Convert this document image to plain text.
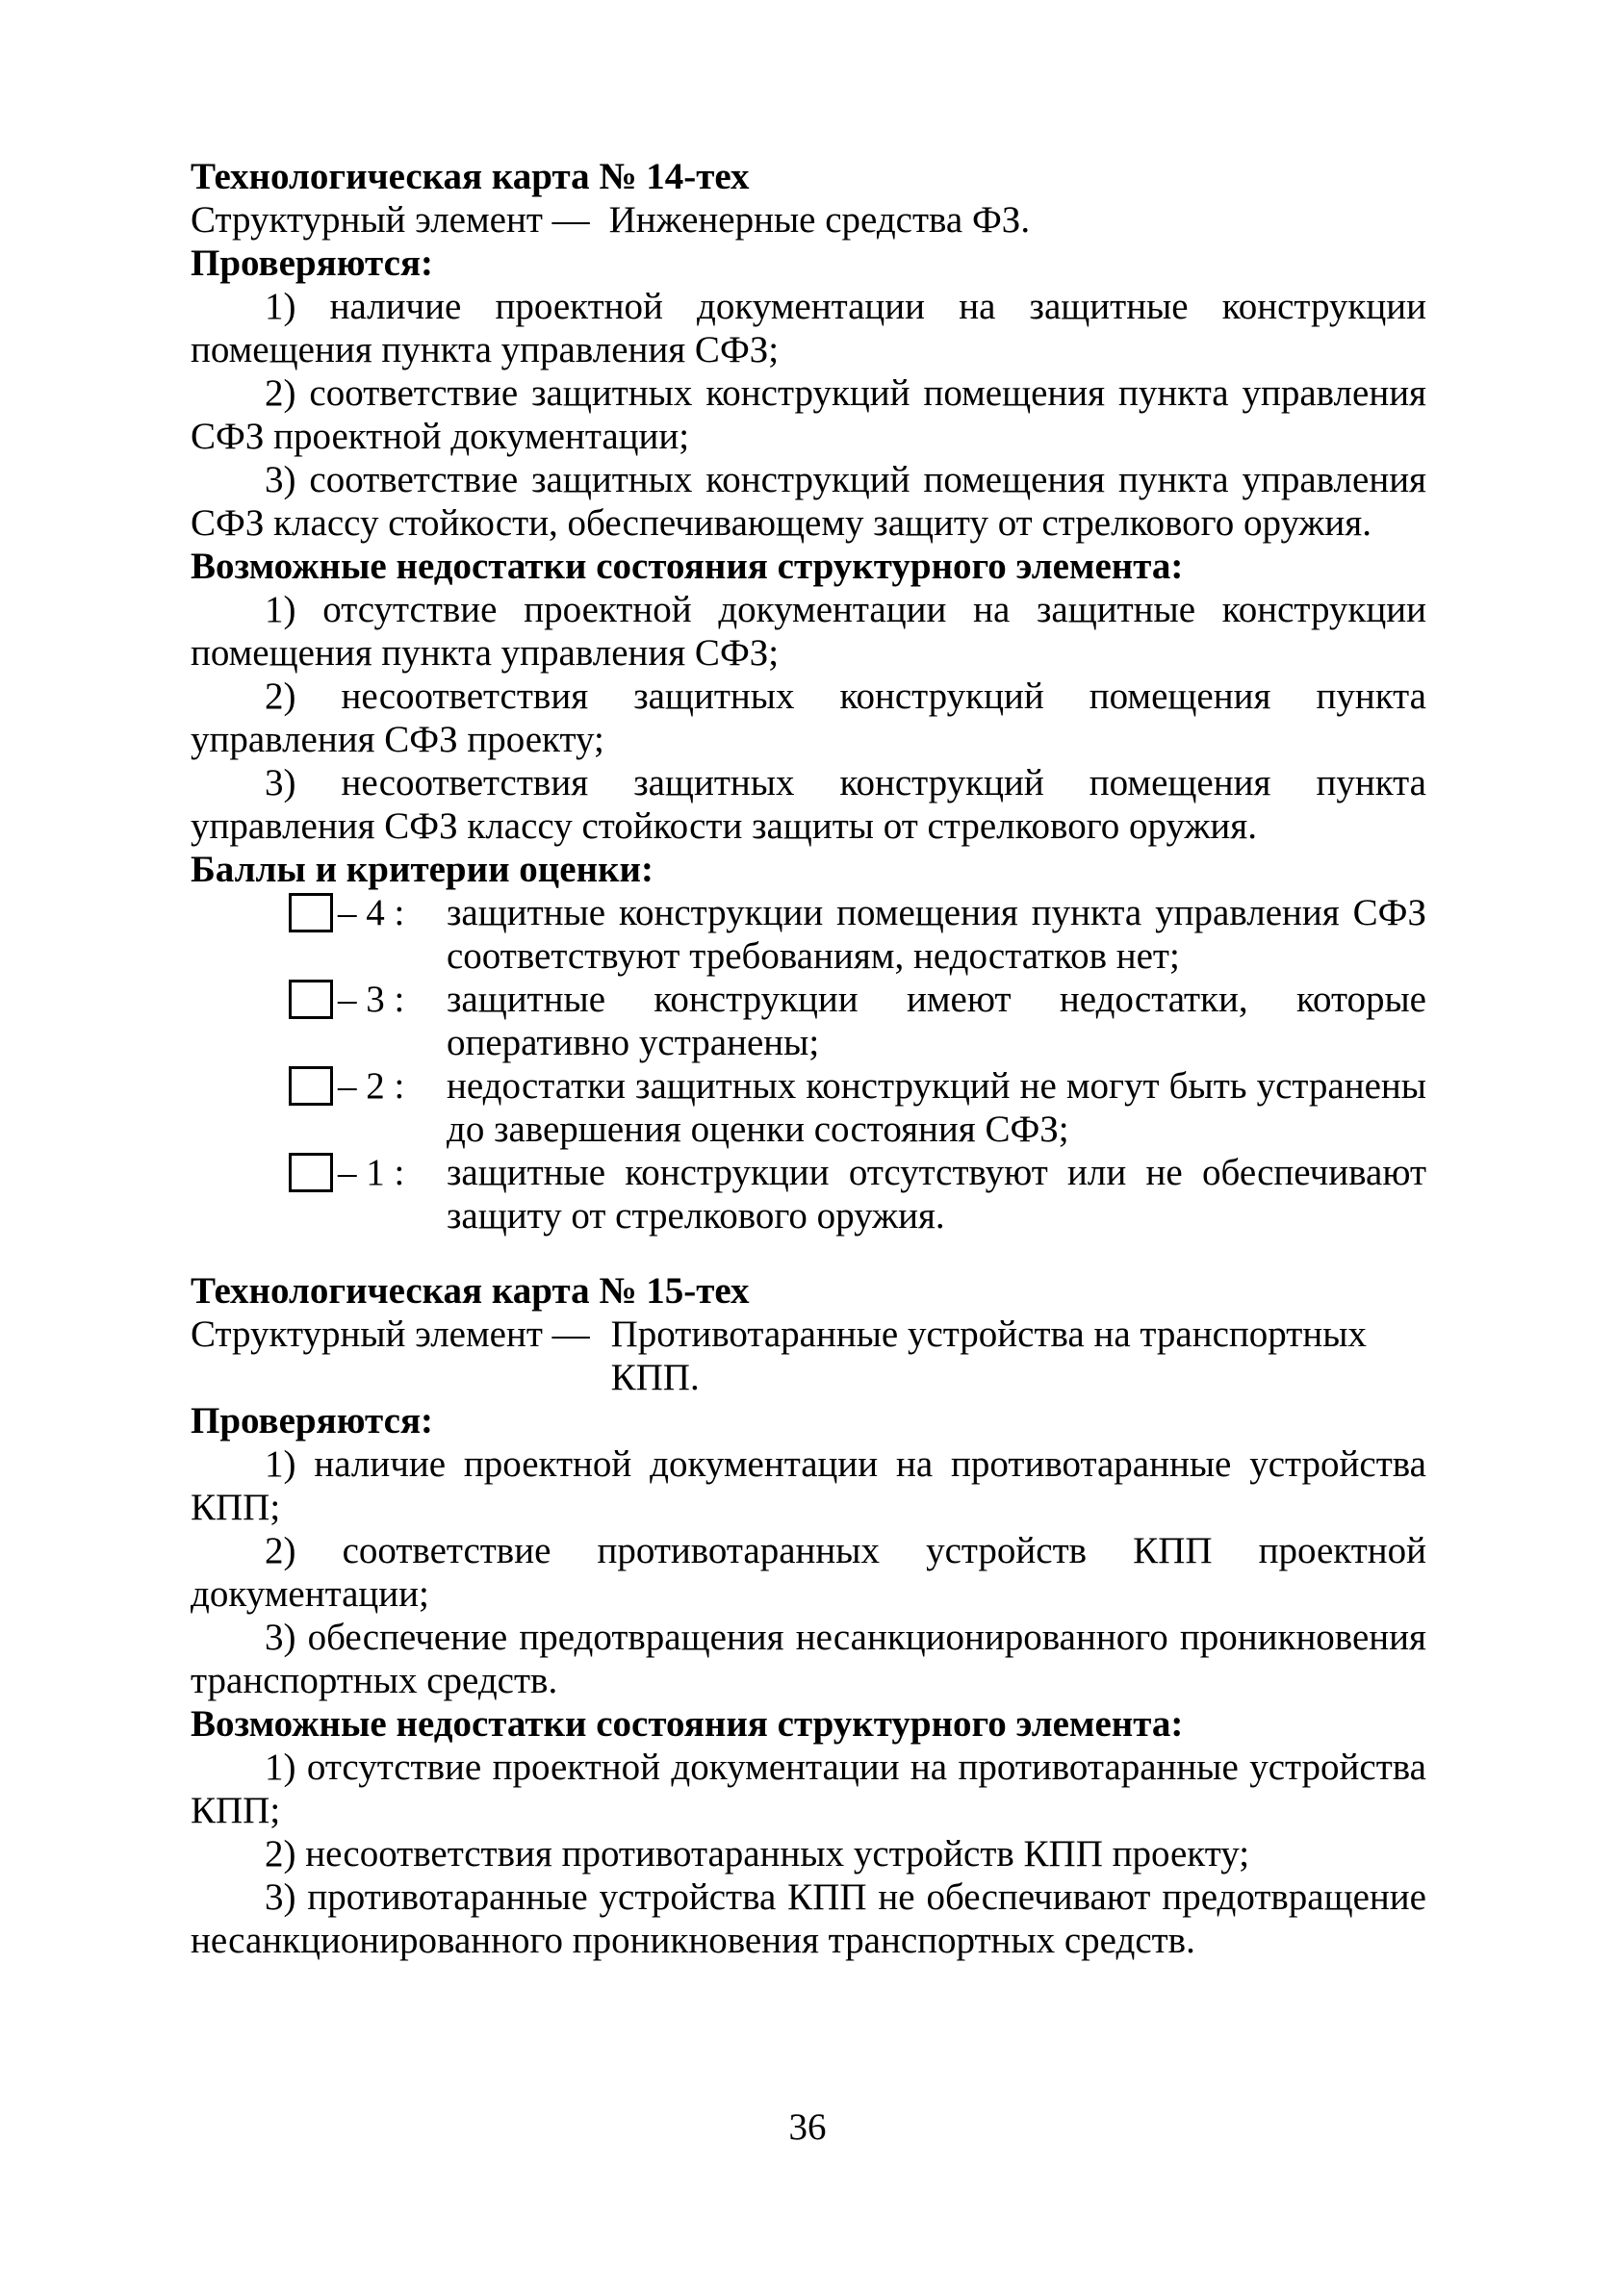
Технологическая карта № 14-тех
Структурный элемент — Инженерные средства ФЗ.
Проверяются:

1) наличие проектной документации на защитные конструкции помещения пункта управления СФЗ;

2) соответствие защитных конструкций помещения пункта управления СФЗ проектной документации;

3) соответствие защитных конструкций помещения пункта управления СФЗ классу стойкости, обеспечивающему защиту от стрелкового оружия.

Возможные недостатки состояния структурного элемента:

1) отсутствие проектной документации на защитные конструкции помещения пункта управления СФЗ;

2) несоответствия защитных конструкций помещения пункта управления СФЗ проекту;

3) несоответствия защитных конструкций помещения пункта управления СФЗ классу стойкости защиты от стрелкового оружия.

Баллы и критерии оценки:
– 4 : защитные конструкции помещения пункта управления СФЗ соответствуют требованиям, недостатков нет;
– 3 : защитные конструкции имеют недостатки, которые оперативно устранены;
– 2 : недостатки защитных конструкций не могут быть устранены до завершения оценки состояния СФЗ;
– 1 : защитные конструкции отсутствуют или не обеспечивают защиту от стрелкового оружия.
Технологическая карта № 15-тех
Структурный элемент — Противотаранные устройства на транспортных КПП.
Проверяются:

1) наличие проектной документации на противотаранные устройства КПП;

2) соответствие противотаранных устройств КПП проектной документации;

3) обеспечение предотвращения несанкционированного проникновения транспортных средств.

Возможные недостатки состояния структурного элемента:

1) отсутствие проектной документации на противотаранные устройства КПП;

2) несоответствия противотаранных устройств КПП проекту;

3) противотаранные устройства КПП не обеспечивают предотвращение несанкционированного проникновения транспортных средств.

36
